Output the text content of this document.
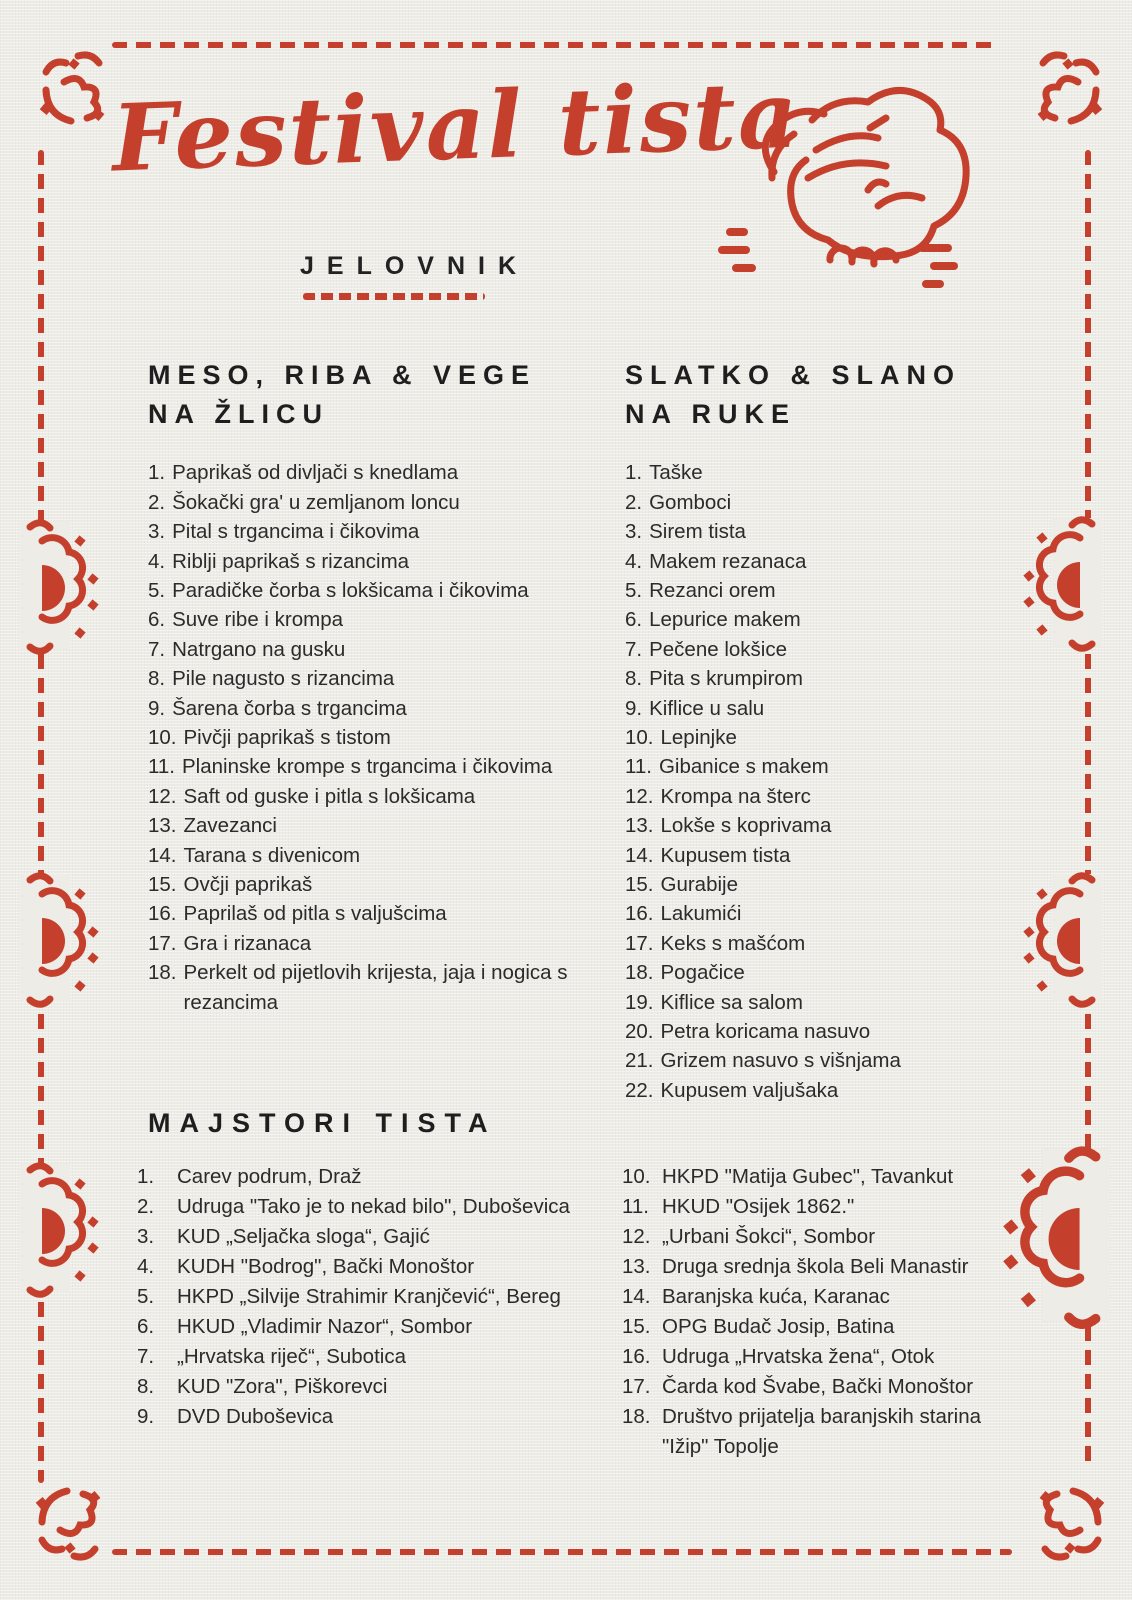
Festival tista
JELOVNIK
MESO, RIBA & VEGE
NA ŽLICU
1. Paprikaš od divljači s knedlama
2. Šokački gra' u zemljanom loncu
3. Pital s trgancima i čikovima
4. Riblji paprikaš s rizancima
5. Paradičke čorba s lokšicama i čikovima
6. Suve ribe i krompa
7. Natrgano na gusku
8. Pile nagusto s rizancima
9. Šarena čorba s trgancima
10. Pivčji paprikaš s tistom
11. Planinske krompe s trgancima i čikovima
12. Saft od guske i pitla s lokšicama
13. Zavezanci
14. Tarana s divenicom
15. Ovčji paprikaš
16. Paprilaš od pitla s valjušcima
17. Gra i rizanaca
18. Perkelt od pijetlovih krijesta, jaja i nogica s rezancima
SLATKO & SLANO
NA RUKE
1. Taške
2. Gomboci
3. Sirem tista
4. Makem rezanaca
5. Rezanci orem
6. Lepurice makem
7. Pečene lokšice
8. Pita s krumpirom
9. Kiflice u salu
10. Lepinjke
11. Gibanice s makem
12. Krompa na šterc
13. Lokše s koprivama
14. Kupusem tista
15. Gurabije
16. Lakumići
17. Keks s mašćom
18. Pogačice
19. Kiflice sa salom
20. Petra koricama nasuvo
21. Grizem nasuvo s višnjama
22. Kupusem valjušaka
MAJSTORI TISTA
1.	Carev podrum, Draž
2.	Udruga "Tako je to nekad bilo", Duboševica
3.	KUD „Seljačka sloga“, Gajić
4.	KUDH "Bodrog", Bački Monoštor
5.	HKPD „Silvije Strahimir Kranjčević“, Bereg
6.	HKUD „Vladimir Nazor“, Sombor
7.	„Hrvatska riječ“, Subotica
8.	KUD "Zora", Piškorevci
9.	DVD Duboševica
10. HKPD "Matija Gubec", Tavankut
11. HKUD "Osijek 1862."
12. „Urbani Šokci“, Sombor
13. Druga srednja škola Beli Manastir
14. Baranjska kuća, Karanac
15. OPG Budač Josip, Batina
16. Udruga „Hrvatska žena“, Otok
17. Čarda kod Švabe, Bački Monoštor
18. Društvo prijatelja baranjskih starina "Ižip" Topolje
